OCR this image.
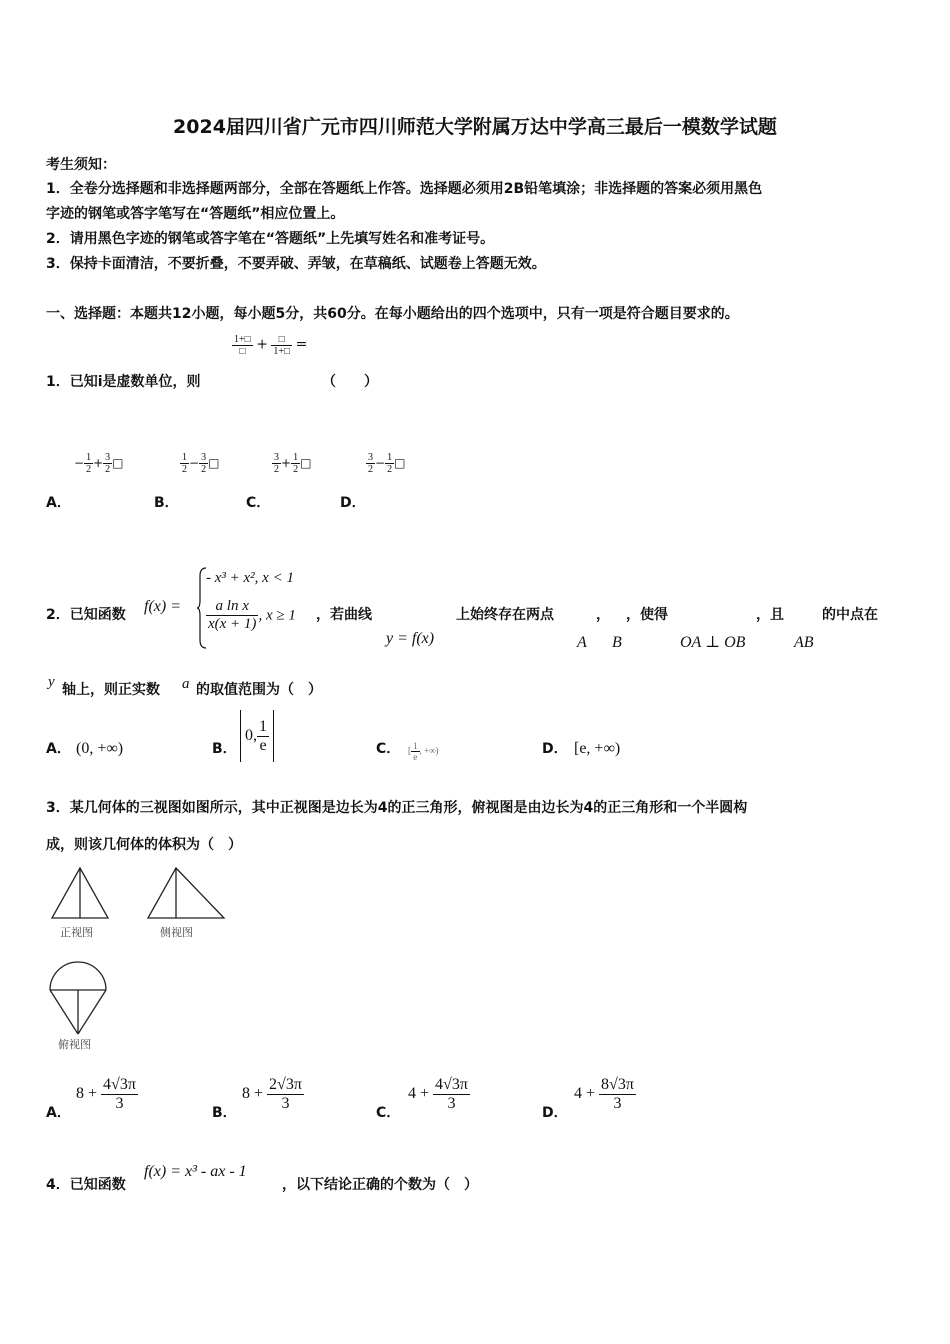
2024届四川省广元市四川师范大学附属万达中学高三最后一模数学试题
考生须知：
1．全卷分选择题和非选择题两部分，全部在答题纸上作答。选择题必须用2B铅笔填涂；非选择题的答案必须用黑色
字迹的钢笔或答字笔写在“答题纸”相应位置上。
2．请用黑色字迹的钢笔或答字笔在“答题纸”上先填写姓名和准考证号。
3．保持卡面清洁，不要折叠，不要弄破、弄皱，在草稿纸、试题卷上答题无效。
一、选择题：本题共12小题，每小题5分，共60分。在每小题给出的四个选项中，只有一项是符合题目要求的。
$\frac{1+□}{□} + \frac{□}{1+□}$ =
1．已知i是虚数单位，则	（　　）
− $\frac{1}{2} + \frac{3}{2}$ □	$\frac{1}{2} - \frac{3}{2}$ □	$\frac{3}{2} + \frac{1}{2}$ □	$\frac{3}{2} - \frac{1}{2}$ □
A．	B．	C．	D．
2．已知函数 f(x) =
- x³ + x², x < 1
$\frac{\text{a ln x}}{x(x + 1)}$ , x ≥ 1 ，若曲线	上始终存在两点	， ，使得	，且	的中点在
y = f(x)	A B	OA ⊥ OB	AB
y 轴上，则正实数 a 的取值范围为（　）
A． (0, +∞)	B．
0, $\frac{1}{e}$	C． [ $\frac{1}{e}$ , +∞)	D． [e, +∞)
3．某几何体的三视图如图所示，其中正视图是边长为4的正三角形，俯视图是由边长为4的正三角形和一个半圆构
成，则该几何体的体积为（　）
正视图	侧视图
俯视图
A．
$8 + \frac{4√3\pi}{3}$	B．
$8 + \frac{2√3\pi}{3}$	C．
$4 + \frac{4√3\pi}{3}$	D．
$4 + \frac{8√3\pi}{3}$
4．已知函数
f(x) = x³ - ax - 1
，以下结论正确的个数为（　）
